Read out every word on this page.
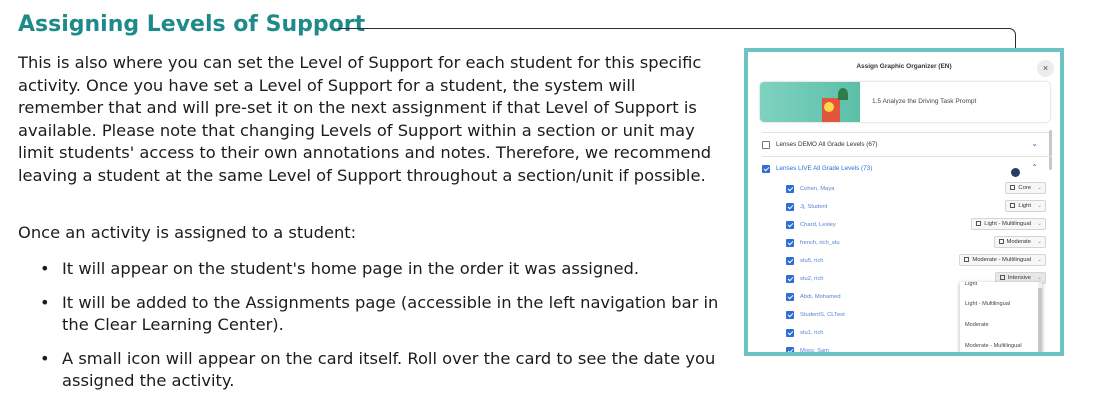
Assigning Levels of Support

This is also where you can set the Level of Support for each student for this specific activity. Once you have set a Level of Support for a student, the system will remember that and will pre-set it on the next assignment if that Level of Support is available. Please note that changing Levels of Support within a section or unit may limit students' access to their own annotations and notes. Therefore, we recommend leaving a student at the same Level of Support throughout a section/unit if possible.

Once an activity is assigned to a student:

• It will appear on the student's home page in the order it was assigned.
• It will be added to the Assignments page (accessible in the left navigation bar in the Clear Learning Center).
• A small icon will appear on the card itself. Roll over the card to see the date you assigned the activity.
Assign Graphic Organizer (EN)	×
1.5 Analyze the Driving Task Prompt
Lenses DEMO All Grade Levels (67)	⌄
Lenses LIVE All Grade Levels (73)	⌃
Cohen, Maya	Core ⌄
Jj, Student	Light ⌄
Chard, Lesley	Light - Multilingual ⌄
french, rich_stu	Moderate ⌄
stu5, rich	Moderate - Multilingual ⌄
stu2, rich	Intensive ⌄
Abdi, Mohamed
StudentS, CLTest
stu1, rich
Moss, Sam
Light
Light - Multilingual
Moderate
Moderate - Multilingual
